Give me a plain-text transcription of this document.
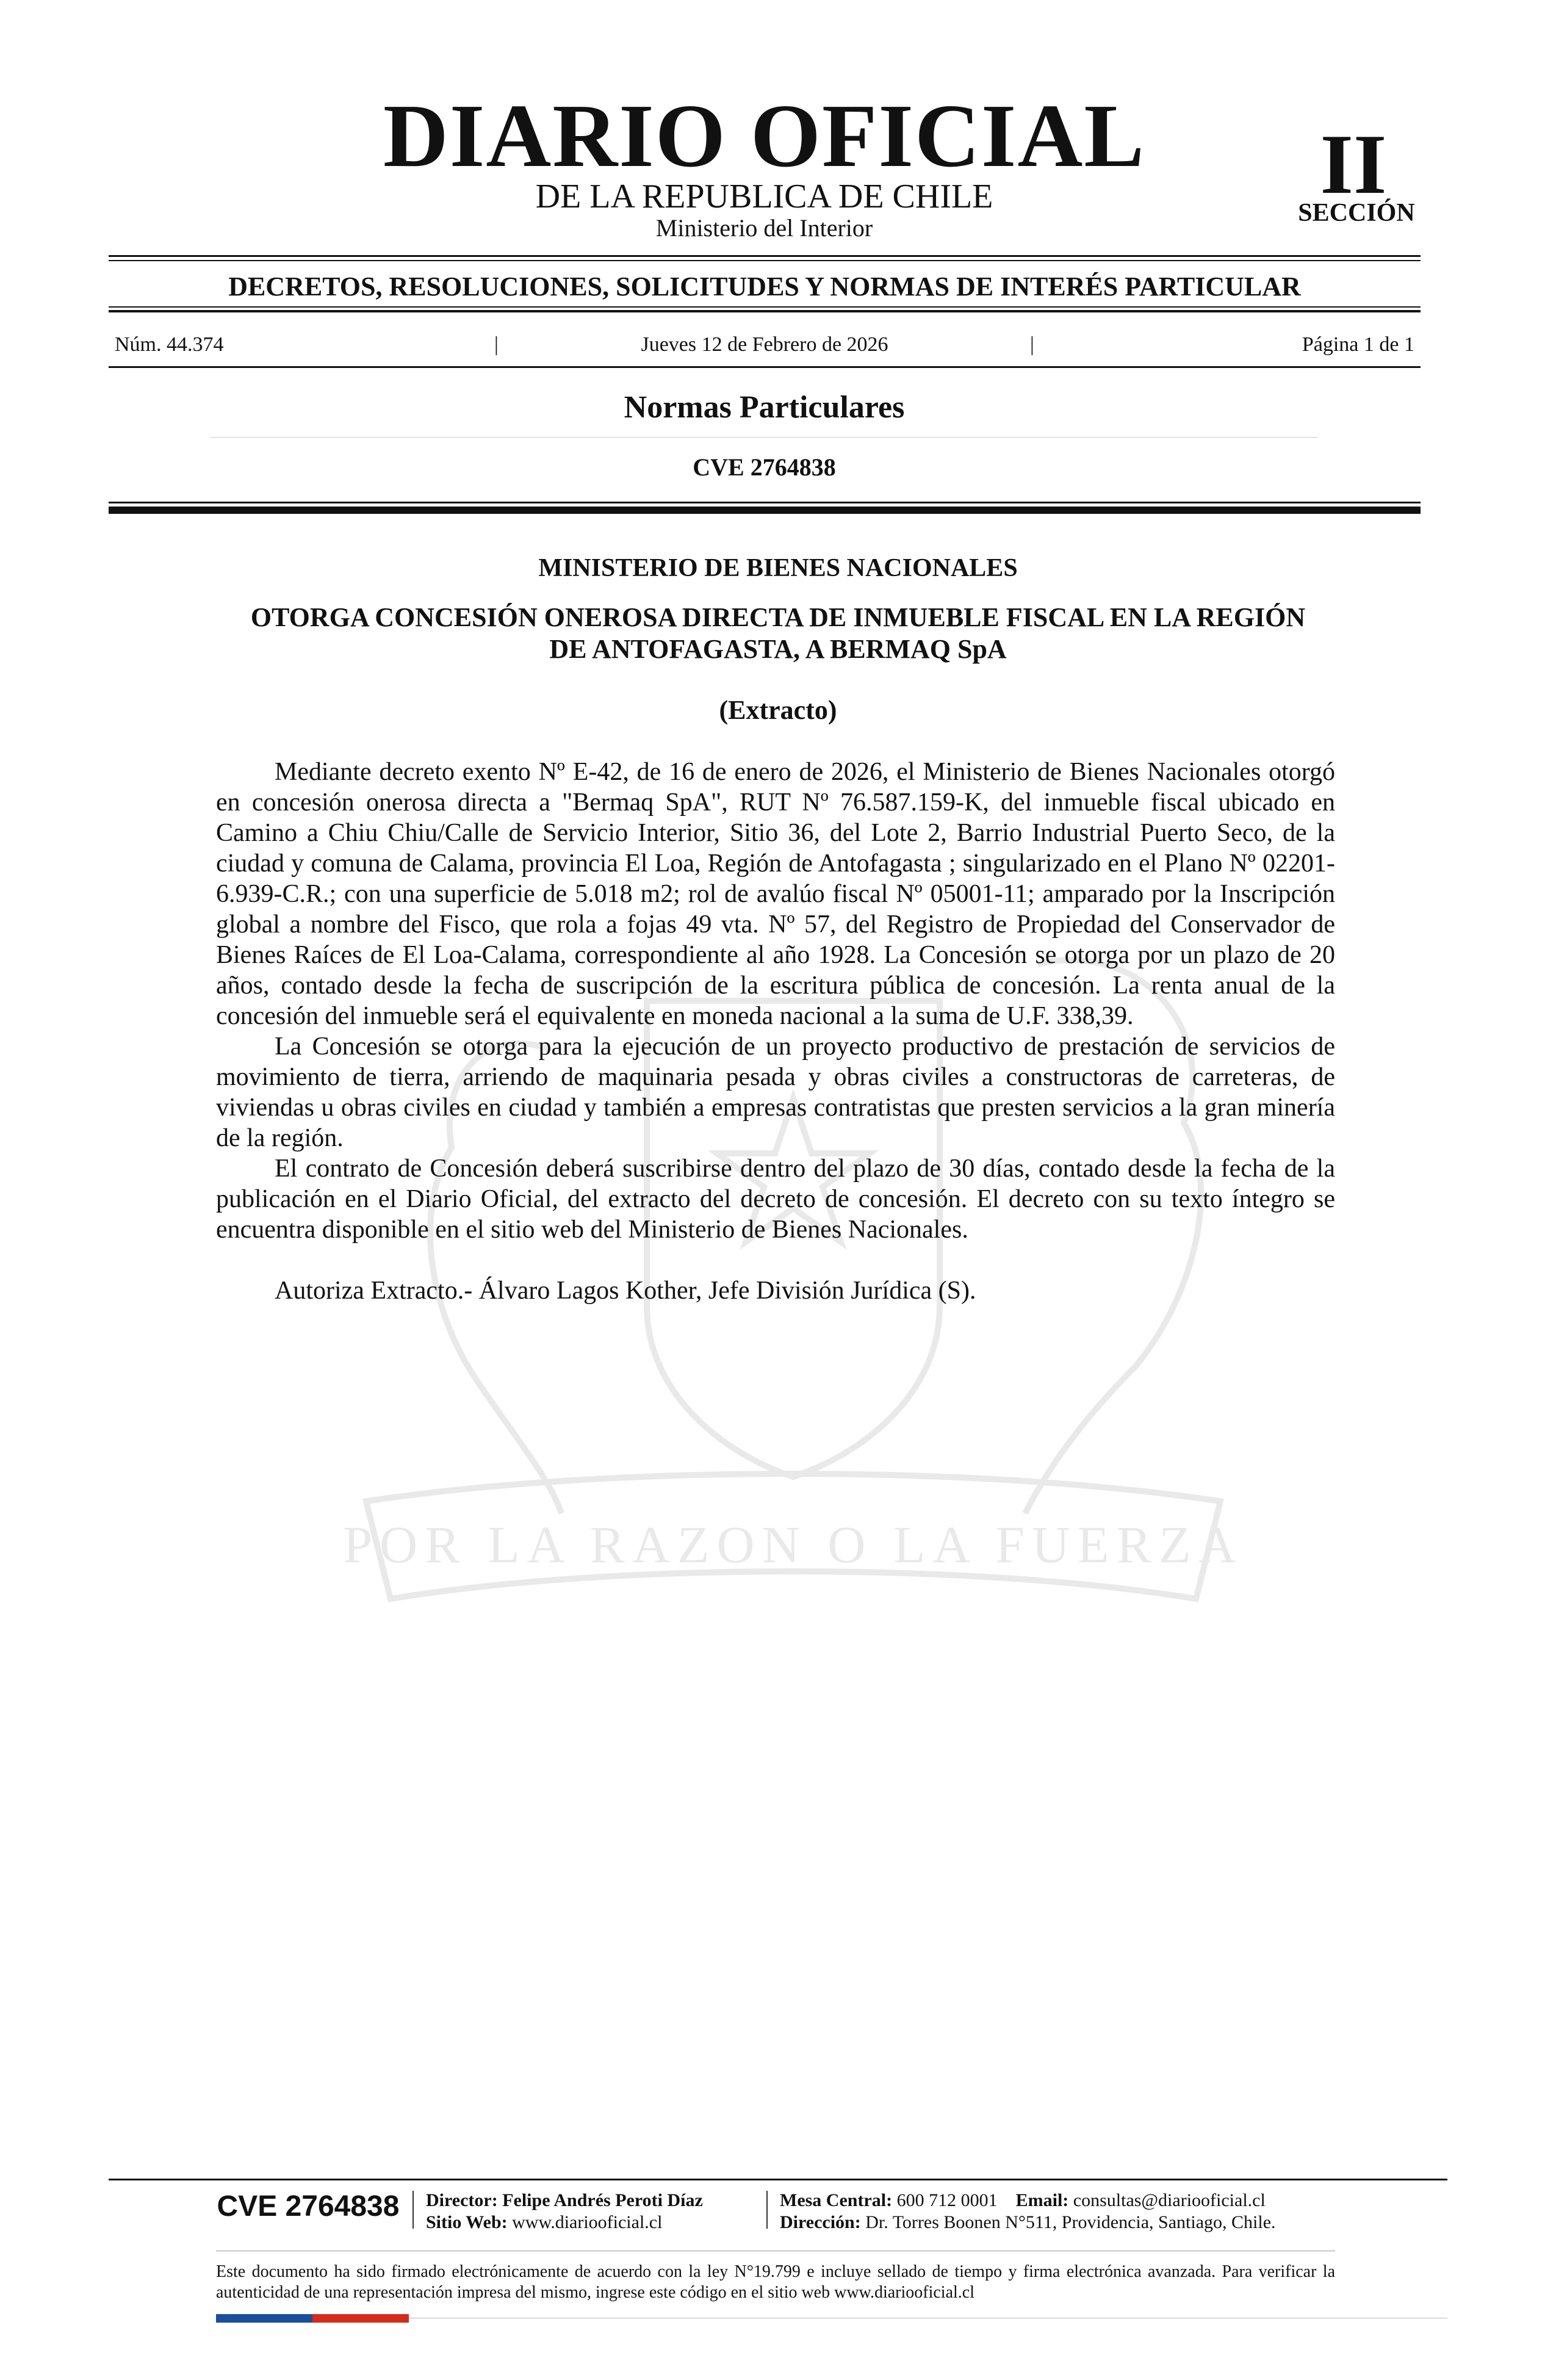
POR LA RAZON O LA FUERZA
DIARIO OFICIAL
DE LA REPUBLICA DE CHILE
Ministerio del Interior
II
SECCIÓN
DECRETOS, RESOLUCIONES, SOLICITUDES Y NORMAS DE INTERÉS PARTICULAR
Núm. 44.374	|	Jueves 12 de Febrero de 2026	|	Página 1 de 1
Normas Particulares
CVE 2764838
MINISTERIO DE BIENES NACIONALES
OTORGA CONCESIÓN ONEROSA DIRECTA DE INMUEBLE FISCAL EN LA REGIÓN DE ANTOFAGASTA, A BERMAQ SpA
(Extracto)

Mediante decreto exento Nº E-42, de 16 de enero de 2026, el Ministerio de Bienes Nacionales otorgó en concesión onerosa directa a "Bermaq SpA", RUT Nº 76.587.159-K, del inmueble fiscal ubicado en Camino a Chiu Chiu/Calle de Servicio Interior, Sitio 36, del Lote 2, Barrio Industrial Puerto Seco, de la ciudad y comuna de Calama, provincia El Loa, Región de Antofagasta ; singularizado en el Plano Nº 02201-6.939-C.R.; con una superficie de 5.018 m2; rol de avalúo fiscal Nº 05001-11; amparado por la Inscripción global a nombre del Fisco, que rola a fojas 49 vta. Nº 57, del Registro de Propiedad del Conservador de Bienes Raíces de El Loa-Calama, correspondiente al año 1928. La Concesión se otorga por un plazo de 20 años, contado desde la fecha de suscripción de la escritura pública de concesión. La renta anual de la concesión del inmueble será el equivalente en moneda nacional a la suma de U.F. 338,39.

La Concesión se otorga para la ejecución de un proyecto productivo de prestación de servicios de movimiento de tierra, arriendo de maquinaria pesada y obras civiles a constructoras de carreteras, de viviendas u obras civiles en ciudad y también a empresas contratistas que presten servicios a la gran minería de la región.

El contrato de Concesión deberá suscribirse dentro del plazo de 30 días, contado desde la fecha de la publicación en el Diario Oficial, del extracto del decreto de concesión. El decreto con su texto íntegro se encuentra disponible en el sitio web del Ministerio de Bienes Nacionales.

Autoriza Extracto.- Álvaro Lagos Kother, Jefe División Jurídica (S).

CVE 2764838	Director: Felipe Andrés Peroti Díaz
Sitio Web: www.diariooficial.cl
Mesa Central: 600 712 0001 Email: consultas@diariooficial.cl
Dirección: Dr. Torres Boonen N°511, Providencia, Santiago, Chile.
Este documento ha sido firmado electrónicamente de acuerdo con la ley N°19.799 e incluye sellado de tiempo y firma electrónica avanzada. Para verificar la autenticidad de una representación impresa del mismo, ingrese este código en el sitio web www.diariooficial.cl
